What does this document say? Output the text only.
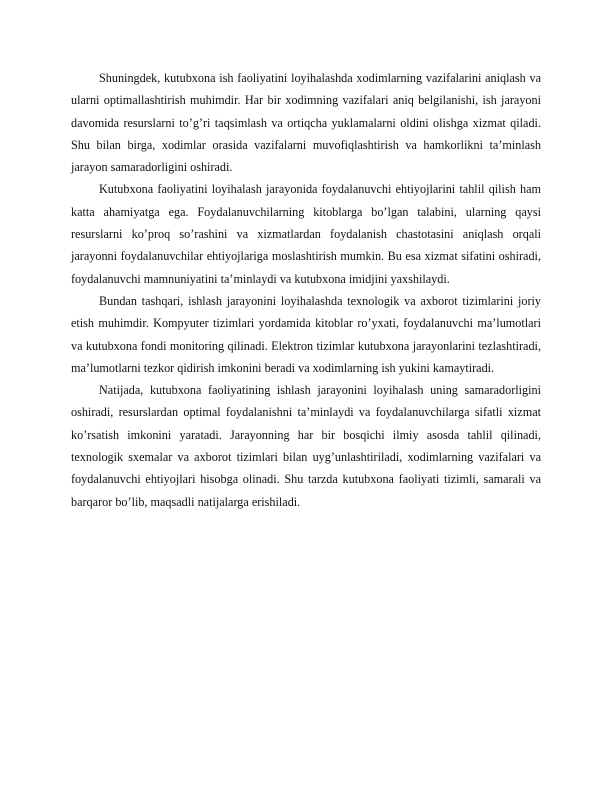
Shuningdek, kutubxona ish faoliyatini loyihalashda xodimlarning vazifalarini aniqlash va ularni optimallashtirish muhimdir. Har bir xodimning vazifalari aniq belgilanishi, ish jarayoni davomida resurslarni to’g’ri taqsimlash va ortiqcha yuklamalarni oldini olishga xizmat qiladi. Shu bilan birga, xodimlar orasida vazifalarni muvofiqlashtirish va hamkorlikni ta’minlash jarayon samaradorligini oshiradi.

Kutubxona faoliyatini loyihalash jarayonida foydalanuvchi ehtiyojlarini tahlil qilish ham katta ahamiyatga ega. Foydalanuvchilarning kitoblarga bo’lgan talabini, ularning qaysi resurslarni ko’proq so’rashini va xizmatlardan foydalanish chastotasini aniqlash orqali jarayonni foydalanuvchilar ehtiyojlariga moslashtirish mumkin. Bu esa xizmat sifatini oshiradi, foydalanuvchi mamnuniyatini ta’minlaydi va kutubxona imidjini yaxshilaydi.

Bundan tashqari, ishlash jarayonini loyihalashda texnologik va axborot tizimlarini joriy etish muhimdir. Kompyuter tizimlari yordamida kitoblar ro’yxati, foydalanuvchi ma’lumotlari va kutubxona fondi monitoring qilinadi. Elektron tizimlar kutubxona jarayonlarini tezlashtiradi, ma’lumotlarni tezkor qidirish imkonini beradi va xodimlarning ish yukini kamaytiradi.

Natijada, kutubxona faoliyatining ishlash jarayonini loyihalash uning samaradorligini oshiradi, resurslardan optimal foydalanishni ta’minlaydi va foydalanuvchilarga sifatli xizmat ko’rsatish imkonini yaratadi. Jarayonning har bir bosqichi ilmiy asosda tahlil qilinadi, texnologik sxemalar va axborot tizimlari bilan uyg’unlashtiriladi, xodimlarning vazifalari va foydalanuvchi ehtiyojlari hisobga olinadi. Shu tarzda kutubxona faoliyati tizimli, samarali va barqaror bo’lib, maqsadli natijalarga erishiladi.
